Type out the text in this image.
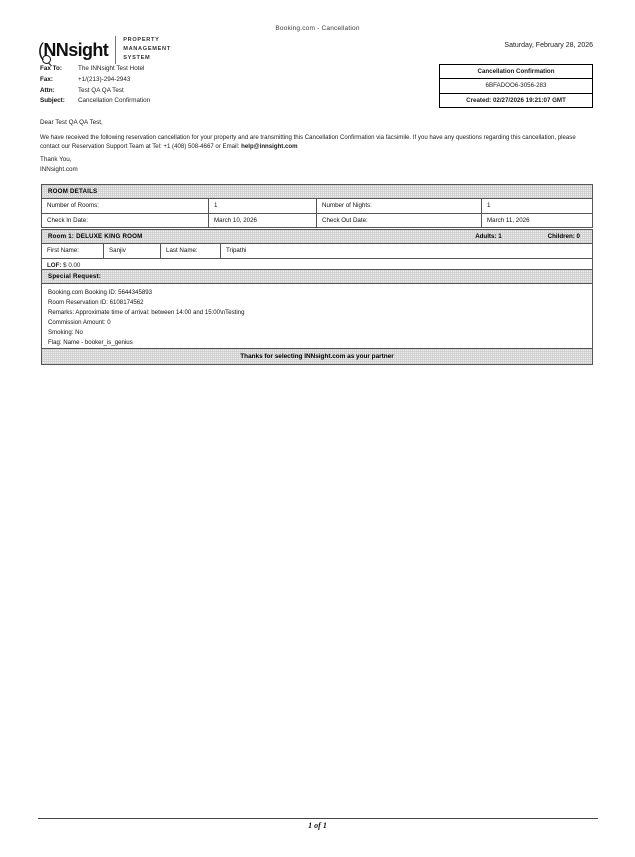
Booking.com - Cancellation
(NNsight	PROPERTY
MANAGEMENT
SYSTEM
Fax To:	The INNsight Test Hotel
Fax:	+1/(213)-294-2943
Attn:	Test QA QA Test
Subject:	Cancellation Confirmation
Saturday, February 28, 2026
Cancellation Confirmation
6BFADOO6-3056-283
Created: 02/27/2026 19:21:07 GMT
Dear Test QA QA Test,
We have received the following reservation cancellation for your property and are transmitting this Cancellation Confirmation via facsimile. If you have any questions regarding this cancellation, please contact our Reservation Support Team at Tel: +1 (408) 508-4667 or Email: help@innsight.com
Thank You,
INNsight.com
ROOM DETAILS
Number of Rooms:	1	Number of Nights:	1
Check In Date:	March 10, 2026	Check Out Date:	March 11, 2026
Room 1: DELUXE KING ROOM	Adults: 1	Children: 0
First Name:	Sanjiv	Last Name:	Tripathi
LOF: $ 0.00
Special Request:
Booking.com Booking ID: 5644345893
Room Reservation ID: 6108174562
Remarks: Approximate time of arrival: between 14:00 and 15:00\nTesting
Commission Amount: 0
Smoking: No
Flag: Name - booker_is_genius
Thanks for selecting INNsight.com as your partner
1 of 1
